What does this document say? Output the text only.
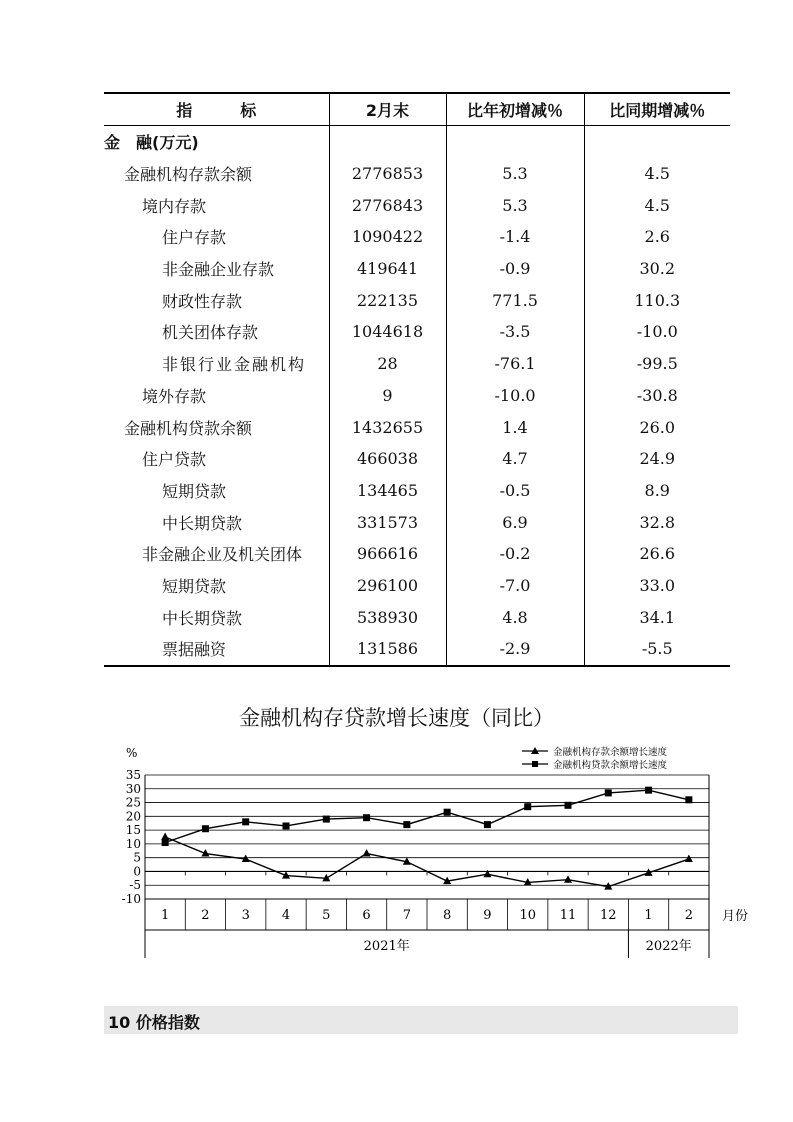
指　　　标	2月末	比年初增减％	比同期增减％
金　融(万元)			
金融机构存款余额	2776853	5.3	4.5
境内存款	2776843	5.3	4.5
住户存款	1090422	-1.4	2.6
非金融企业存款	419641	-0.9	30.2
财政性存款	222135	771.5	110.3
机关团体存款	1044618	-3.5	-10.0
非银行业金融机构	28	-76.1	-99.5
境外存款	9	-10.0	-30.8
金融机构贷款余额	1432655	1.4	26.0
住户贷款	466038	4.7	24.9
短期贷款	134465	-0.5	8.9
中长期贷款	331573	6.9	32.8
非金融企业及机关团体	966616	-0.2	26.6
短期贷款	296100	-7.0	33.0
中长期贷款	538930	4.8	34.1
票据融资	131586	-2.9	-5.5
金融机构存贷款增长速度（同比）
35
30
25
20
15
10
5
0
-5
-10
%
1 2 3 4 5 6 7 8 9 10 11 12 1 2 月份
2021年	2022年
金融机构存款余额增长速度
金融机构贷款余额增长速度
10 价格指数
